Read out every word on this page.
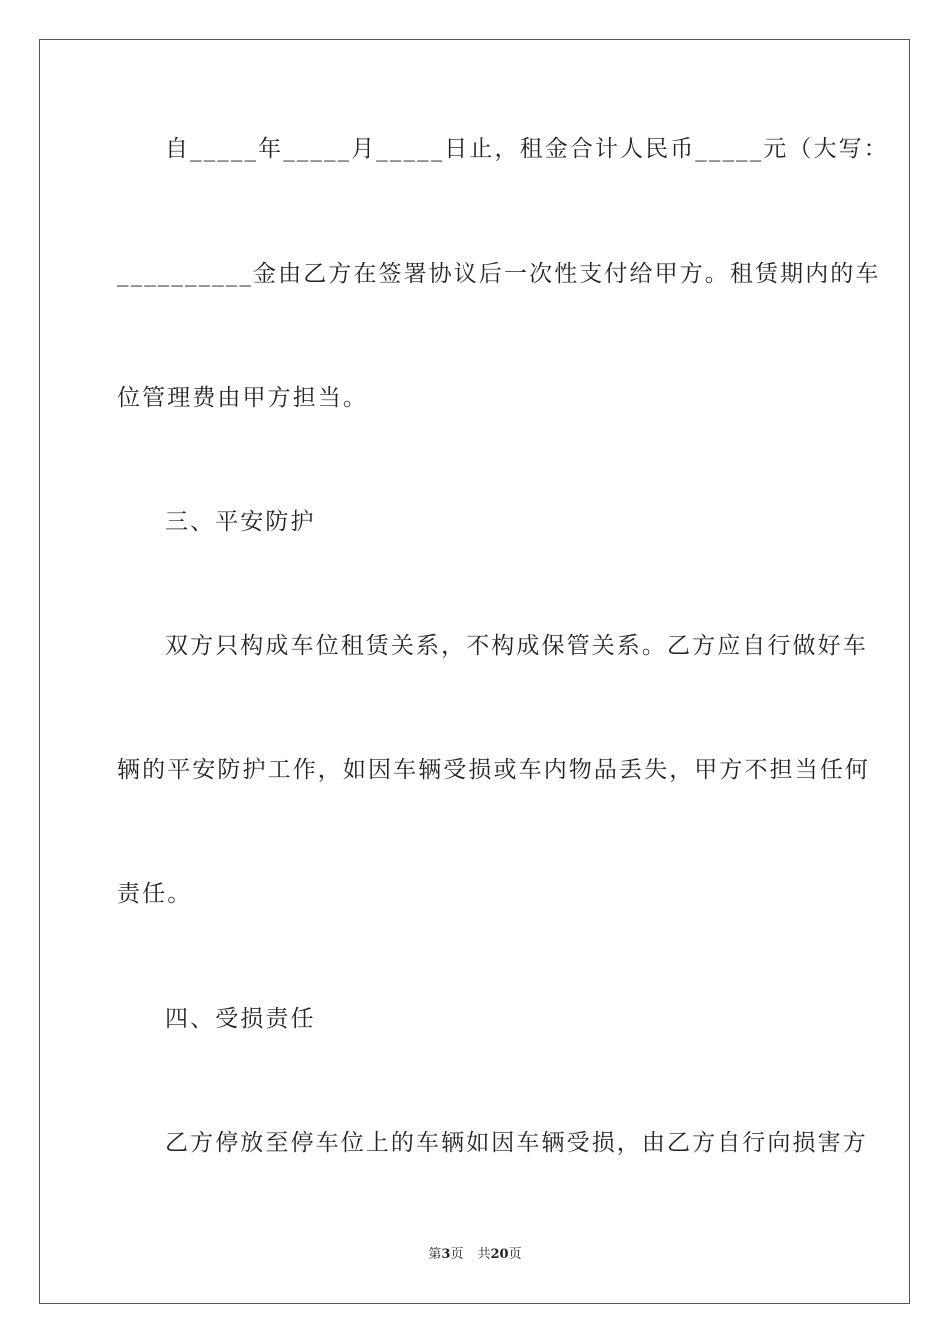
自_____年_____月_____日止，租金合计人民币_____元（大写：
__________金由乙方在签署协议后一次性支付给甲方。租赁期内的车
位管理费由甲方担当。
三、平安防护
双方只构成车位租赁关系，不构成保管关系。乙方应自行做好车
辆的平安防护工作，如因车辆受损或车内物品丢失，甲方不担当任何
责任。
四、受损责任
乙方停放至停车位上的车辆如因车辆受损，由乙方自行向损害方
第3页 共20页
